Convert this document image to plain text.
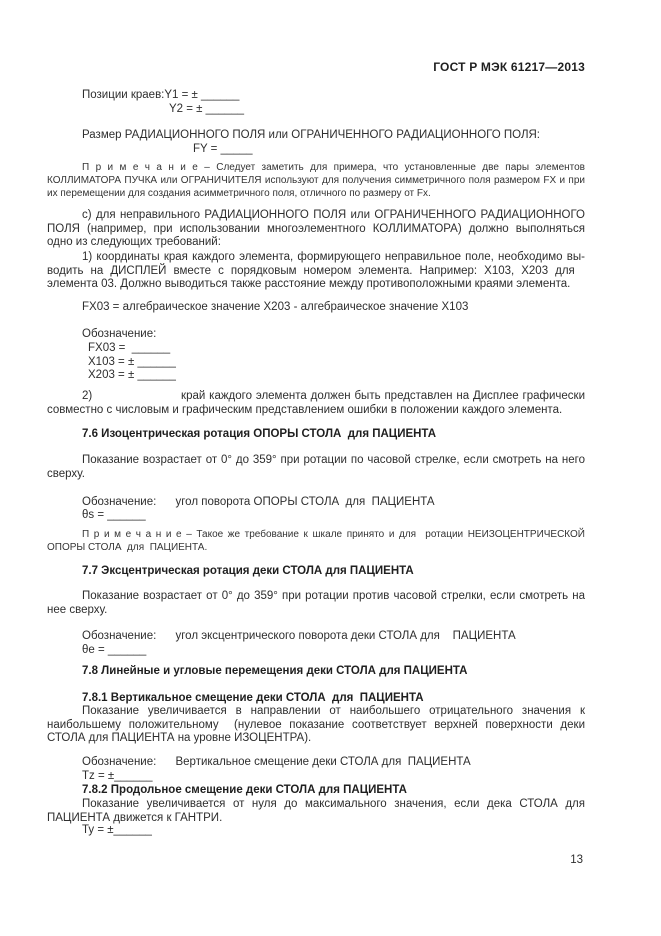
ГОСТ Р МЭК 61217—2013
Позиции краев:Y1 = ± ______
Y2 = ± ______
Размер РАДИАЦИОННОГО ПОЛЯ или ОГРАНИЧЕННОГО РАДИАЦИОННОГО ПОЛЯ:
FY = _____
П р и м е ч а н и е – Следует заметить для примера, что установленные две пары элементов КОЛЛИМАТОРА ПУЧКА или ОГРАНИЧИТЕЛЯ используют для получения симметричного поля размером FX и при их перемещении для создания асимметричного поля, отличного по размеру от Fx.
c) для неправильного РАДИАЦИОННОГО ПОЛЯ или ОГРАНИЧЕННОГО РАДИАЦИОННОГО ПОЛЯ (например, при использовании многоэлементного КОЛЛИМАТОРА) должно выполняться одно из следующих требований:
1) координаты края каждого элемента, формирующего неправильное поле, необходимо выводить на ДИСПЛЕЙ вместе с порядковым номером элемента. Например: X103, X203 для   элемента 03. Должно выводиться также расстояние между противоположными краями элемента.
FX03 = алгебраическое значение X203 - алгебраическое значение X103
Обозначение:
FX03 =  ______
X103 = ± ______
X203 = ± ______
2)                       край каждого элемента должен быть представлен на Дисплее графически совместно с числовым и графическим представлением ошибки в положении каждого элемента.
7.6 Изоцентрическая ротация ОПОРЫ СТОЛА  для ПАЦИЕНТА
Показание возрастает от 0° до 359° при ротации по часовой стрелке, если смотреть на него сверху.
Обозначение:      угол поворота ОПОРЫ СТОЛА  для  ПАЦИЕНТА
θs = ______
П р и м е ч а н и е – Такое же требование к шкале принято и для  ротации НЕИЗОЦЕНТРИЧЕСКОЙ ОПОРЫ СТОЛА  для  ПАЦИЕНТА.
7.7 Эксцентрическая ротация деки СТОЛА для ПАЦИЕНТА
Показание возрастает от 0° до 359° при ротации против часовой стрелки, если смотреть на нее сверху.
Обозначение:      угол эксцентрического поворота деки СТОЛА для    ПАЦИЕНТА
θe = ______
7.8 Линейные и угловые перемещения деки СТОЛА для ПАЦИЕНТА
7.8.1 Вертикальное смещение деки СТОЛА  для  ПАЦИЕНТА
Показание увеличивается в направлении от наибольшего отрицательного значения к наибольшему положительному  (нулевое показание соответствует верхней поверхности деки СТОЛА для ПАЦИЕНТА на уровне ИЗОЦЕНТРА).
Обозначение:      Вертикальное смещение деки СТОЛА для  ПАЦИЕНТА
Tz = ±______
7.8.2 Продольное смещение деки СТОЛА для ПАЦИЕНТА
Показание увеличивается от нуля до максимального значения, если дека СТОЛА для ПАЦИЕНТА движется к ГАНТРИ.
Ty = ±______
13
